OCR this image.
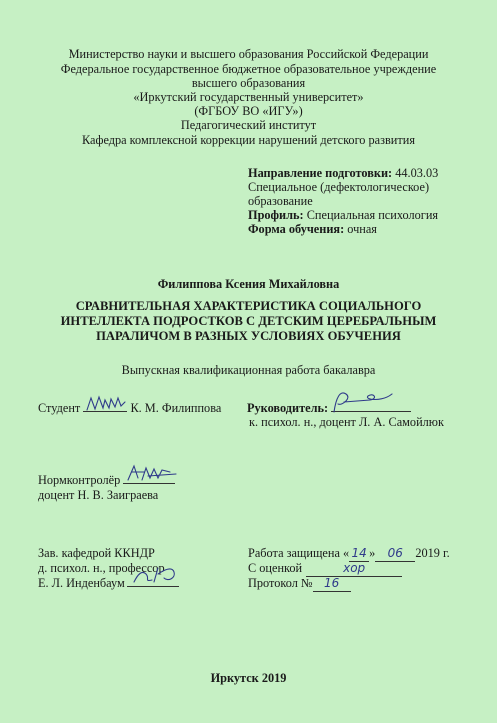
Министерство науки и высшего образования Российской Федерации
Федеральное государственное бюджетное образовательное учреждение
высшего образования
«Иркутский государственный университет»
(ФГБОУ ВО «ИГУ»)
Педагогический институт
Кафедра комплексной коррекции нарушений детского развития
Направление подготовки: 44.03.03
Специальное (дефектологическое)
образование
Профиль: Специальная психология
Форма обучения: очная
Филиппова Ксения Михайловна
СРАВНИТЕЛЬНАЯ ХАРАКТЕРИСТИКА СОЦИАЛЬНОГО
ИНТЕЛЛЕКТА ПОДРОСТКОВ С ДЕТСКИМ ЦЕРЕБРАЛЬНЫМ
ПАРАЛИЧОМ В РАЗНЫХ УСЛОВИЯХ ОБУЧЕНИЯ
Выпускная квалификационная работа бакалавра
Студент	К. М. Филиппова Руководитель:
к. психол. н., доцент Л. А. Самойлюк
Нормконтролёр
доцент Н. В. Заиграева
Зав. кафедрой ККНДР
д. психол. н., профессор
Е. Л. Инденбаум
Работа защищена « 14 » 06 2019 г.
С оценкой	хор
Протокол № 16
Иркутск 2019
